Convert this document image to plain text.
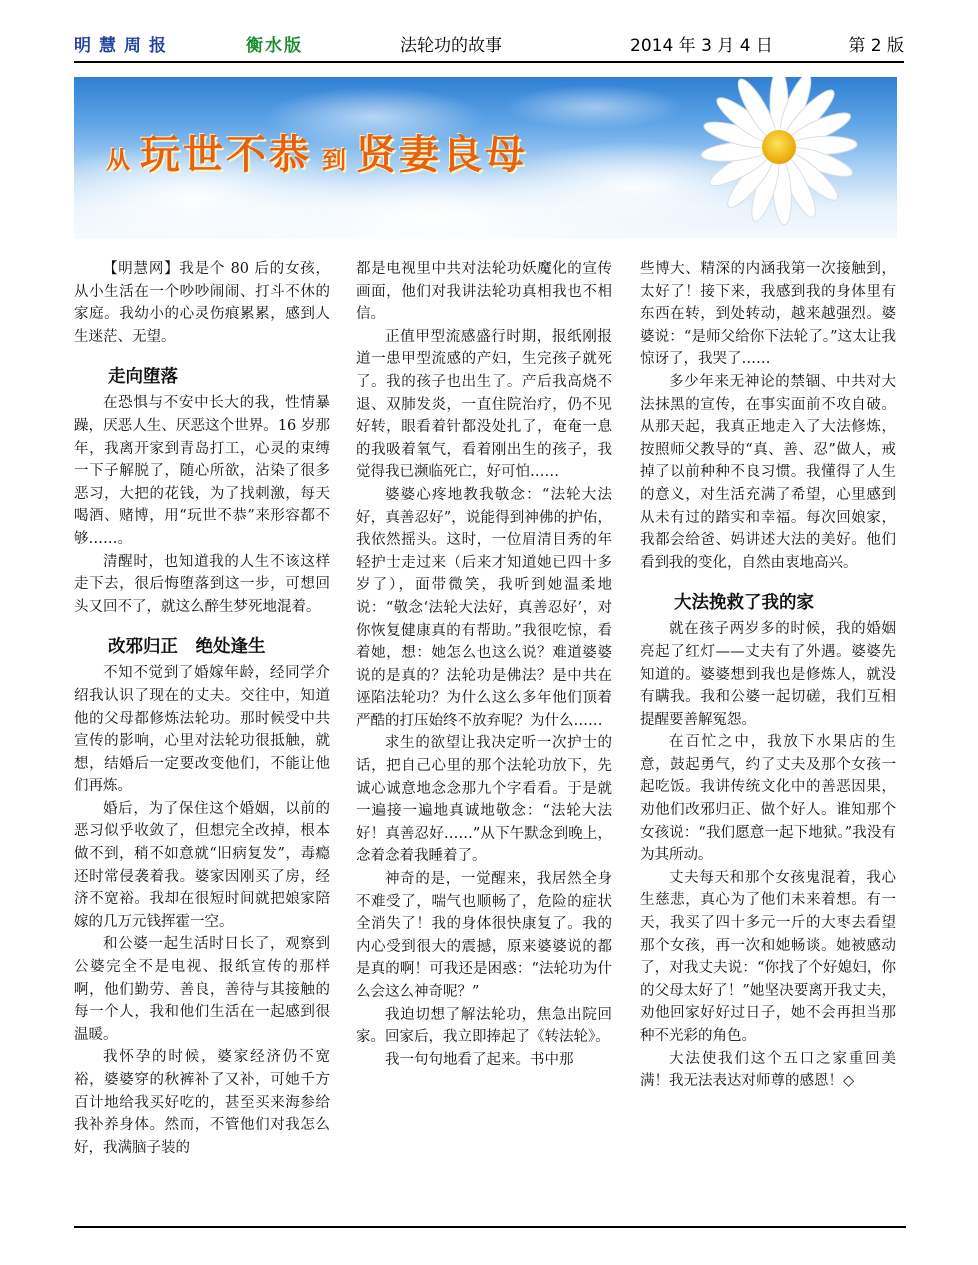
明慧周报	衡水版	法轮功的故事	2014 年 3 月 4 日	第 2 版
从 玩世不恭 到 贤妻良母

【明慧网】我是个 80 后的女孩，从小生活在一个吵吵闹闹、打斗不休的家庭。我幼小的心灵伤痕累累，感到人生迷茫、无望。

走向堕落

在恐惧与不安中长大的我，性情暴躁，厌恶人生、厌恶这个世界。16 岁那年，我离开家到青岛打工，心灵的束缚一下子解脱了，随心所欲，沾染了很多恶习，大把的花钱，为了找刺激，每天喝酒、赌博，用“玩世不恭”来形容都不够……。

清醒时，也知道我的人生不该这样走下去，很后悔堕落到这一步，可想回头又回不了，就这么醉生梦死地混着。

改邪归正　绝处逢生

不知不觉到了婚嫁年龄，经同学介绍我认识了现在的丈夫。交往中，知道他的父母都修炼法轮功。那时候受中共宣传的影响，心里对法轮功很抵触，就想，结婚后一定要改变他们，不能让他们再炼。

婚后，为了保住这个婚姻，以前的恶习似乎收敛了，但想完全改掉，根本做不到，稍不如意就“旧病复发”，毒瘾还时常侵袭着我。婆家因刚买了房，经济不宽裕。我却在很短时间就把娘家陪嫁的几万元钱挥霍一空。

和公婆一起生活时日长了，观察到公婆完全不是电视、报纸宣传的那样啊，他们勤劳、善良，善待与其接触的每一个人，我和他们生活在一起感到很温暖。

我怀孕的时候，婆家经济仍不宽裕，婆婆穿的秋裤补了又补，可她千方百计地给我买好吃的，甚至买来海参给我补养身体。然而，不管他们对我怎么好，我满脑子装的

都是电视里中共对法轮功妖魔化的宣传画面，他们对我讲法轮功真相我也不相信。

正值甲型流感盛行时期，报纸刚报道一患甲型流感的产妇，生完孩子就死了。我的孩子也出生了。产后我高烧不退、双肺发炎，一直住院治疗，仍不见好转，眼看着针都没处扎了，奄奄一息的我吸着氧气，看着刚出生的孩子，我觉得我已濒临死亡，好可怕……

婆婆心疼地教我敬念：“法轮大法好，真善忍好”，说能得到神佛的护佑，我依然摇头。这时，一位眉清目秀的年轻护士走过来（后来才知道她已四十多岁了），面带微笑，我听到她温柔地说：“敬念‘法轮大法好，真善忍好’，对你恢复健康真的有帮助。”我很吃惊，看着她，想：她怎么也这么说？难道婆婆说的是真的？法轮功是佛法？是中共在诬陷法轮功？为什么这么多年他们顶着严酷的打压始终不放弃呢？为什么……

求生的欲望让我决定听一次护士的话，把自己心里的那个法轮功放下，先诚心诚意地念念那九个字看看。于是就一遍接一遍地真诚地敬念：“法轮大法好！真善忍好……”从下午默念到晚上，念着念着我睡着了。

神奇的是，一觉醒来，我居然全身不难受了，喘气也顺畅了，危险的症状全消失了！我的身体很快康复了。我的内心受到很大的震撼，原来婆婆说的都是真的啊！可我还是困惑：“法轮功为什么会这么神奇呢？”

我迫切想了解法轮功，焦急出院回家。回家后，我立即捧起了《转法轮》。

我一句句地看了起来。书中那

些博大、精深的内涵我第一次接触到，太好了！接下来，我感到我的身体里有东西在转，到处转动，越来越强烈。婆婆说：“是师父给你下法轮了。”这太让我惊讶了，我哭了……

多少年来无神论的禁锢、中共对大法抹黑的宣传，在事实面前不攻自破。从那天起，我真正地走入了大法修炼，按照师父教导的“真、善、忍”做人，戒掉了以前种种不良习惯。我懂得了人生的意义，对生活充满了希望，心里感到从未有过的踏实和幸福。每次回娘家，我都会给爸、妈讲述大法的美好。他们看到我的变化，自然由衷地高兴。

大法挽救了我的家

就在孩子两岁多的时候，我的婚姻亮起了红灯——丈夫有了外遇。婆婆先知道的。婆婆想到我也是修炼人，就没有瞒我。我和公婆一起切磋，我们互相提醒要善解冤怨。

在百忙之中，我放下水果店的生意，鼓起勇气，约了丈夫及那个女孩一起吃饭。我讲传统文化中的善恶因果，劝他们改邪归正、做个好人。谁知那个女孩说：“我们愿意一起下地狱。”我没有为其所动。

丈夫每天和那个女孩鬼混着，我心生慈悲，真心为了他们未来着想。有一天，我买了四十多元一斤的大枣去看望那个女孩，再一次和她畅谈。她被感动了，对我丈夫说：“你找了个好媳妇，你的父母太好了！”她坚决要离开我丈夫，劝他回家好好过日子，她不会再担当那种不光彩的角色。

大法使我们这个五口之家重回美满！我无法表达对师尊的感恩！◇
